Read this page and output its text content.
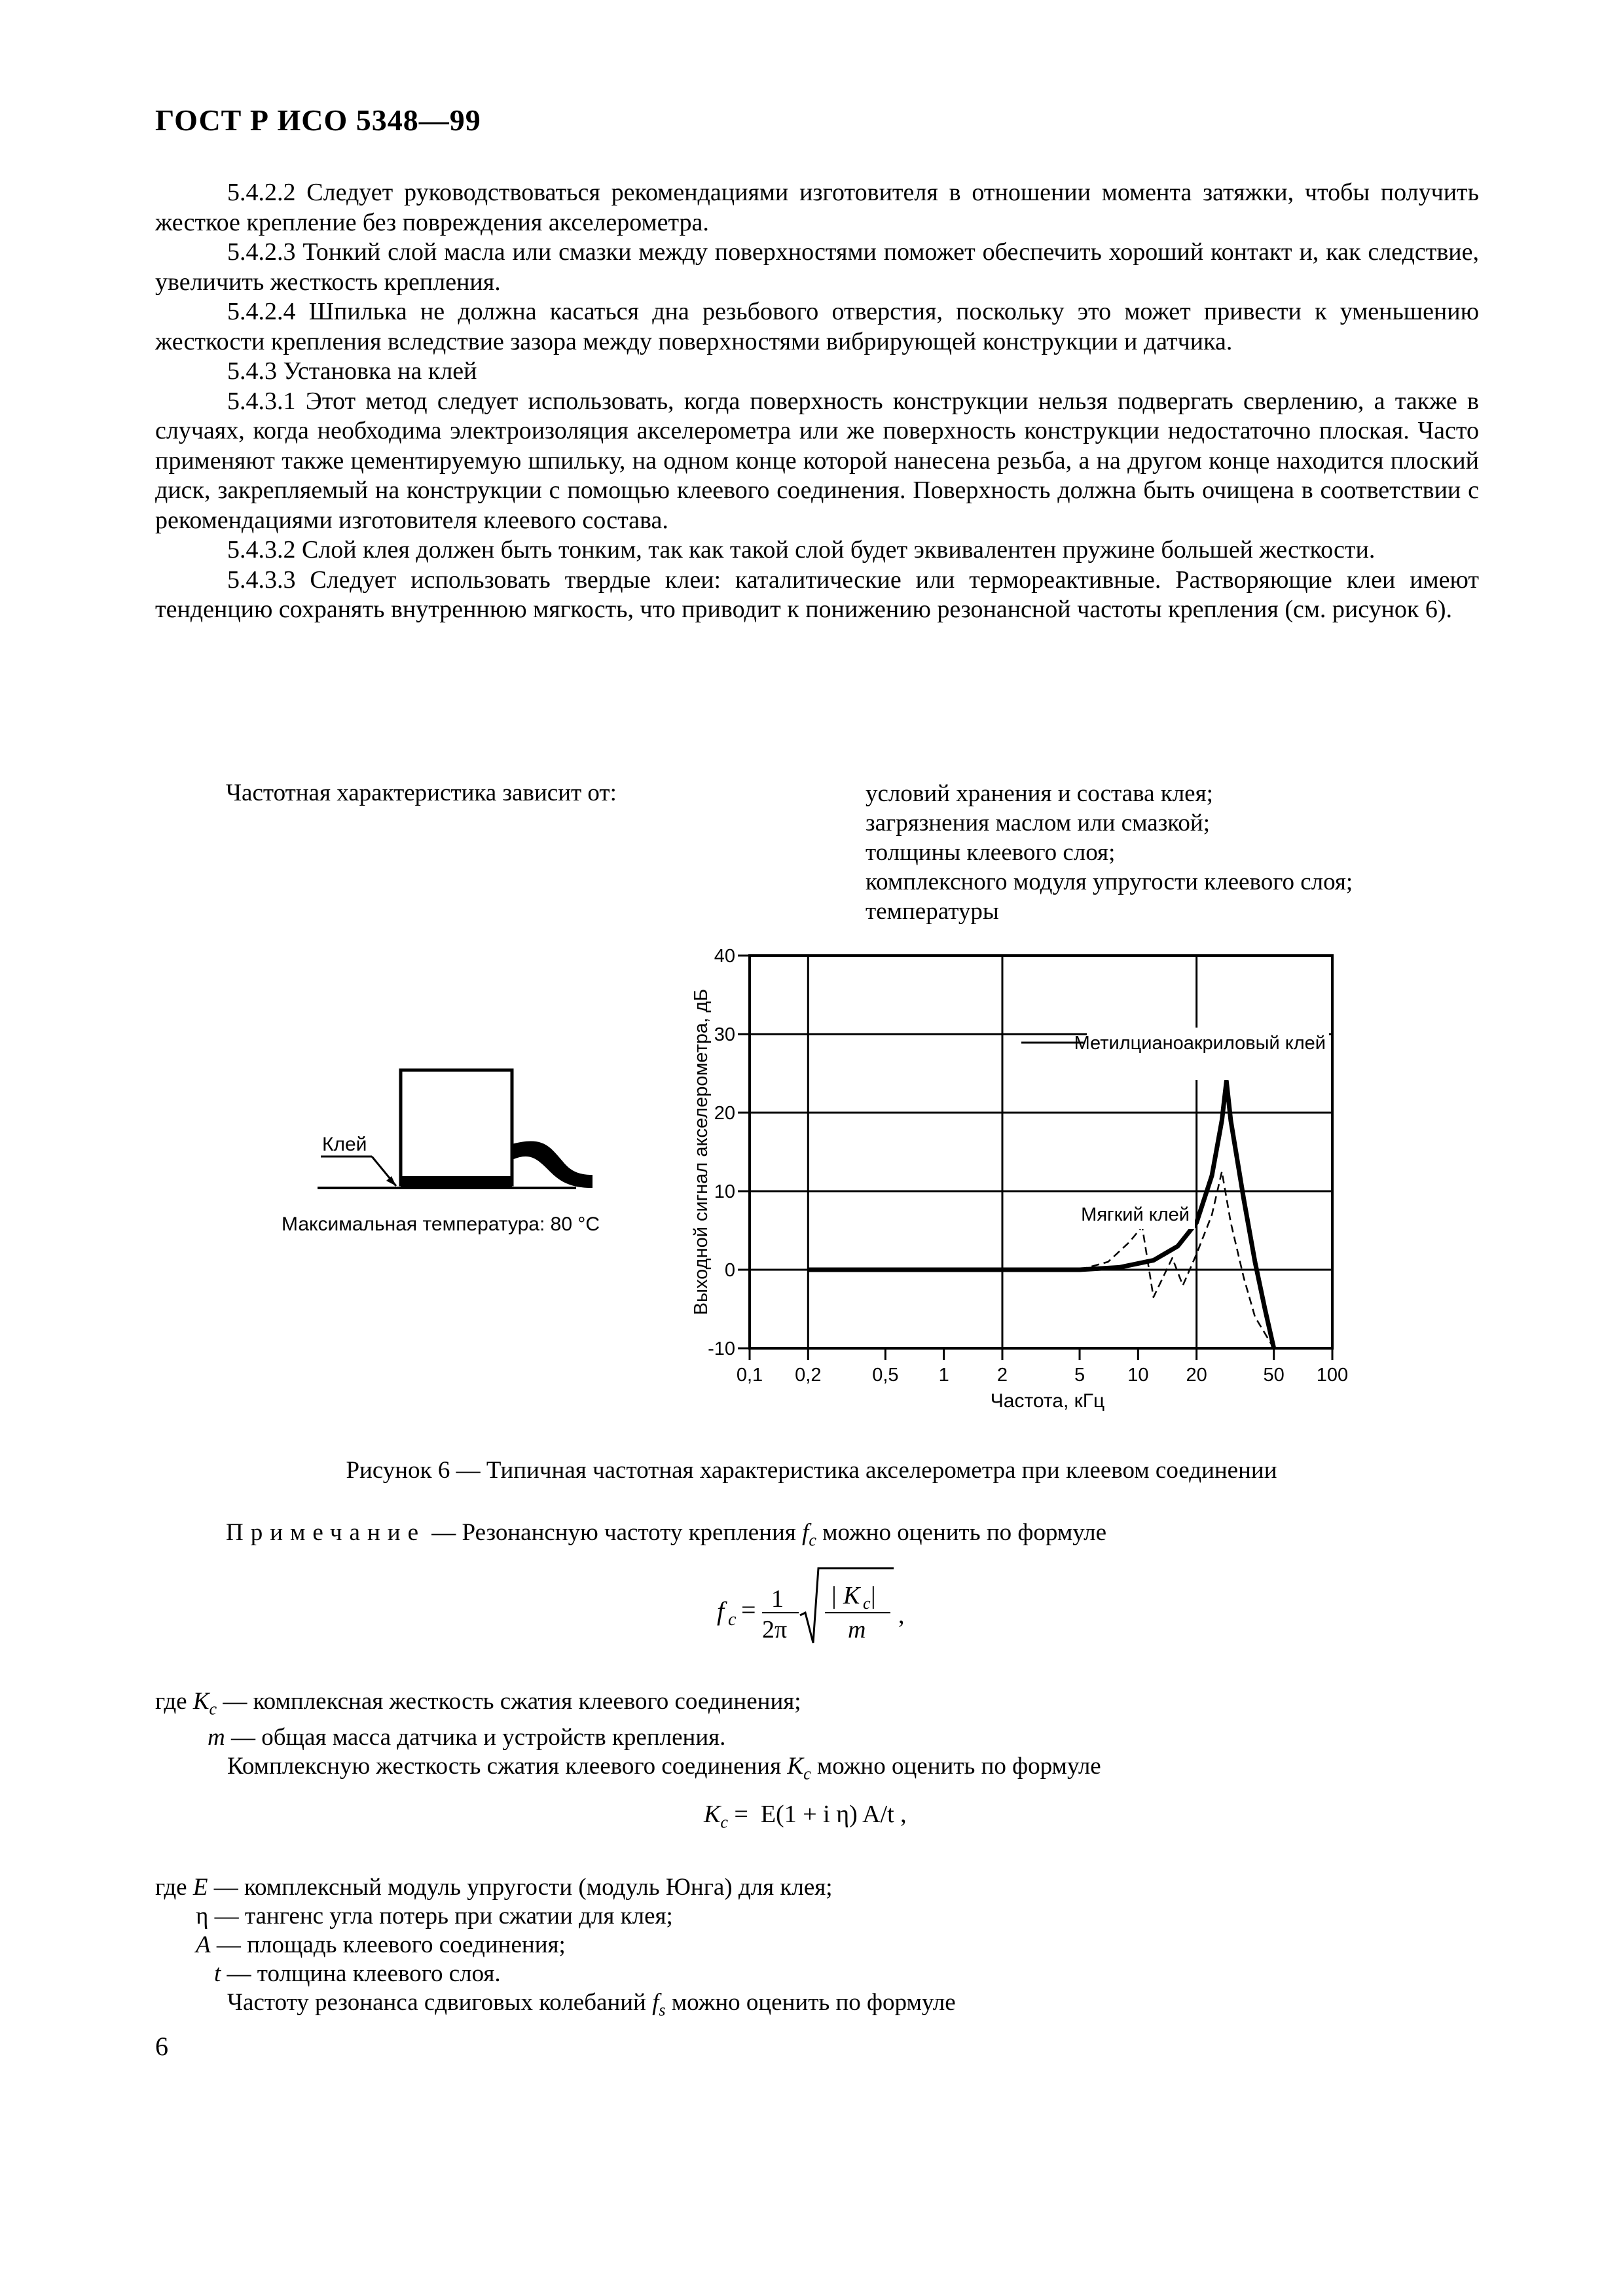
ГОСТ Р ИСО 5348—99

5.4.2.2 Следует руководствоваться рекомендациями изготовителя в отношении момента затяжки, чтобы получить жесткое крепление без повреждения акселерометра.

5.4.2.3 Тонкий слой масла или смазки между поверхностями поможет обеспечить хороший контакт и, как следствие, увеличить жесткость крепления.

5.4.2.4 Шпилька не должна касаться дна резьбового отверстия, поскольку это может привести к уменьшению жесткости крепления вследствие зазора между поверхностями вибрирующей конструкции и датчика.

5.4.3 Установка на клей

5.4.3.1 Этот метод следует использовать, когда поверхность конструкции нельзя подвергать сверлению, а также в случаях, когда необходима электроизоляция акселерометра или же поверхность конструкции недостаточно плоская. Часто применяют также цементируемую шпильку, на одном конце которой нанесена резьба, а на другом конце находится плоский диск, закрепляемый на конструкции с помощью клеевого соединения. Поверхность должна быть очищена в соответствии с рекомендациями изготовителя клеевого состава.

5.4.3.2 Слой клея должен быть тонким, так как такой слой будет эквивалентен пружине большей жесткости.

5.4.3.3 Следует использовать твердые клеи: каталитические или термореактивные. Растворяющие клеи имеют тенденцию сохранять внутреннюю мягкость, что приводит к понижению резонансной частоты крепления (см. рисунок 6).

Частотная характеристика зависит от:	условий хранения и состава клея;
загрязнения маслом или смазкой;
толщины клеевого слоя;
комплексного модуля упругости клеевого слоя;
температуры
Клей
Максимальная температура: 80 °С
-10
0
10
20
30
40
0,1 0,2	0,5 1	2	5 10 20	50 100
Выходной сигнал акселерометра, дБ
Частота, кГц
Метилцианоакриловый клей
Мягкий клей
Рисунок 6 — Типичная частотная характеристика акселерометра при клеевом соединении
Примечание — Резонансную частоту крепления $f_c$ можно оценить по формуле
f c = 1
2π
| K c |
m
,
где $K_c$ — комплексная жесткость сжатия клеевого соединения;
m — общая масса датчика и устройств крепления.
Комплексную жесткость сжатия клеевого соединения $K_c$ можно оценить по формуле
$K_c = E(1 + i$ η) A/t ,
где E — комплексный модуль упругости (модуль Юнга) для клея;
η — тангенс угла потерь при сжатии для клея;
A — площадь клеевого соединения;
t — толщина клеевого слоя.
Частоту резонанса сдвиговых колебаний $f_s$ можно оценить по формуле
6
